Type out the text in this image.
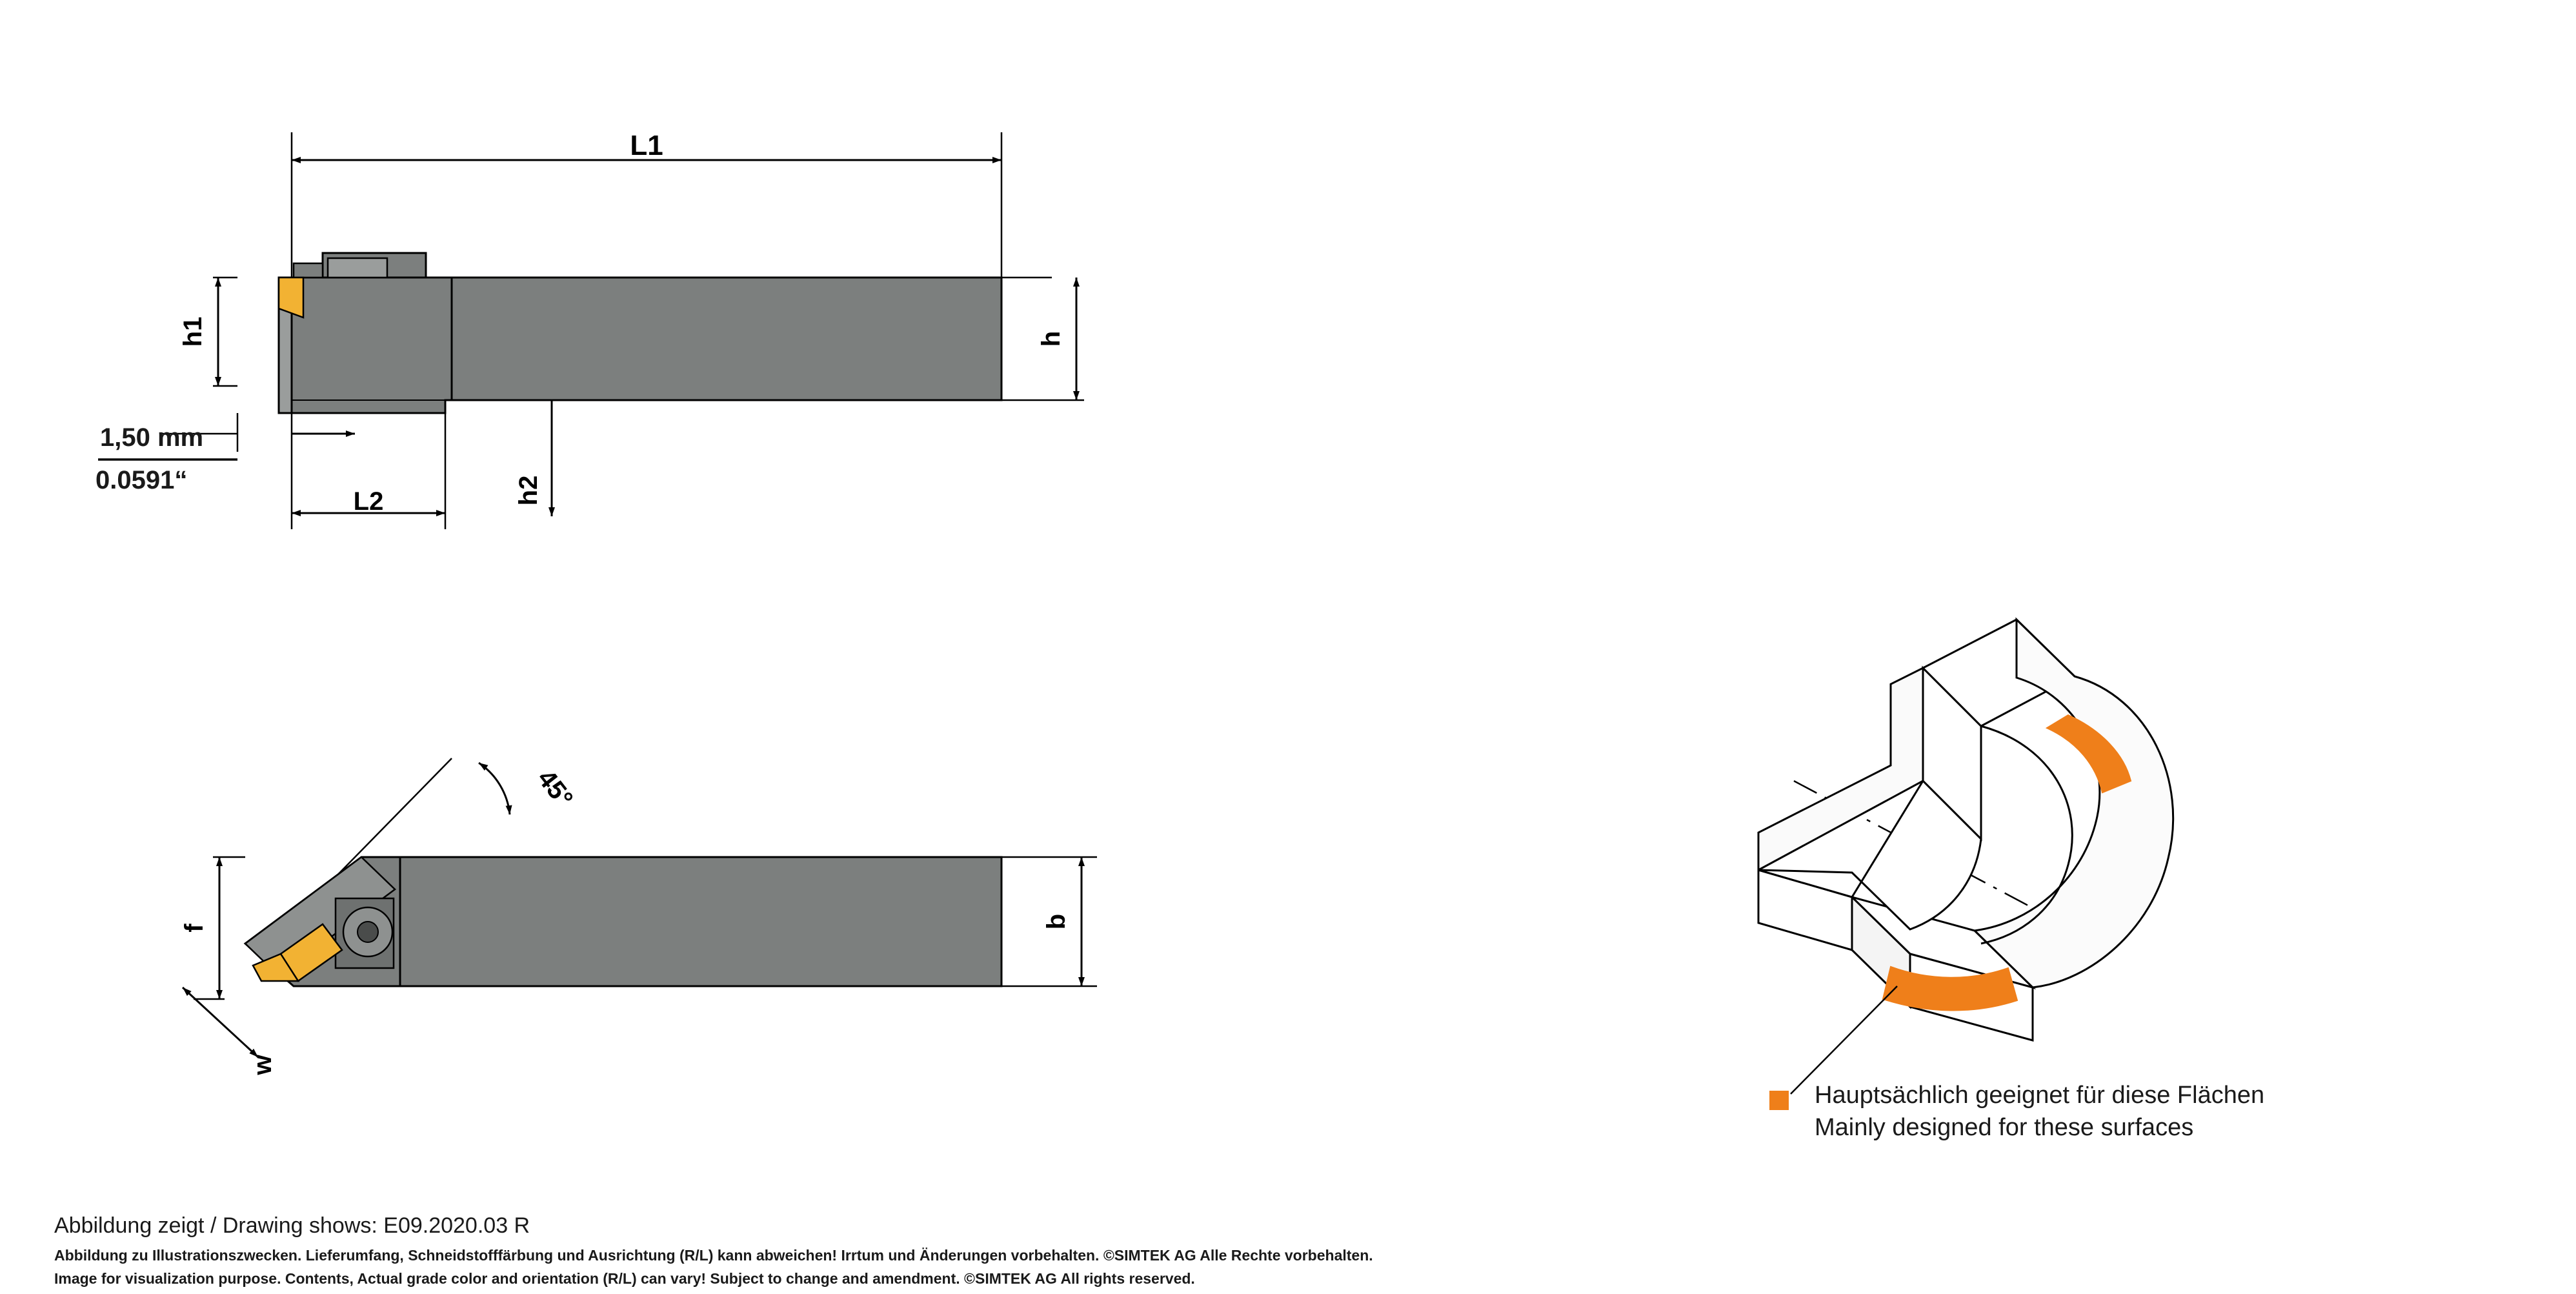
L1
h1	h
L2	h2
f	b
w
45°
1,50 mm
0.0591“
Hauptsächlich geeignet für diese Flächen
Mainly designed for these surfaces
Abbildung zeigt / Drawing shows: E09.2020.03 R
Abbildung zu Illustrationszwecken. Lieferumfang, Schneidstofffärbung und Ausrichtung (R/L) kann abweichen! Irrtum und Änderungen vorbehalten. ©SIMTEK AG Alle Rechte vorbehalten.
Image for visualization purpose. Contents, Actual grade color and orientation (R/L) can vary! Subject to change and amendment. ©SIMTEK AG All rights reserved.
